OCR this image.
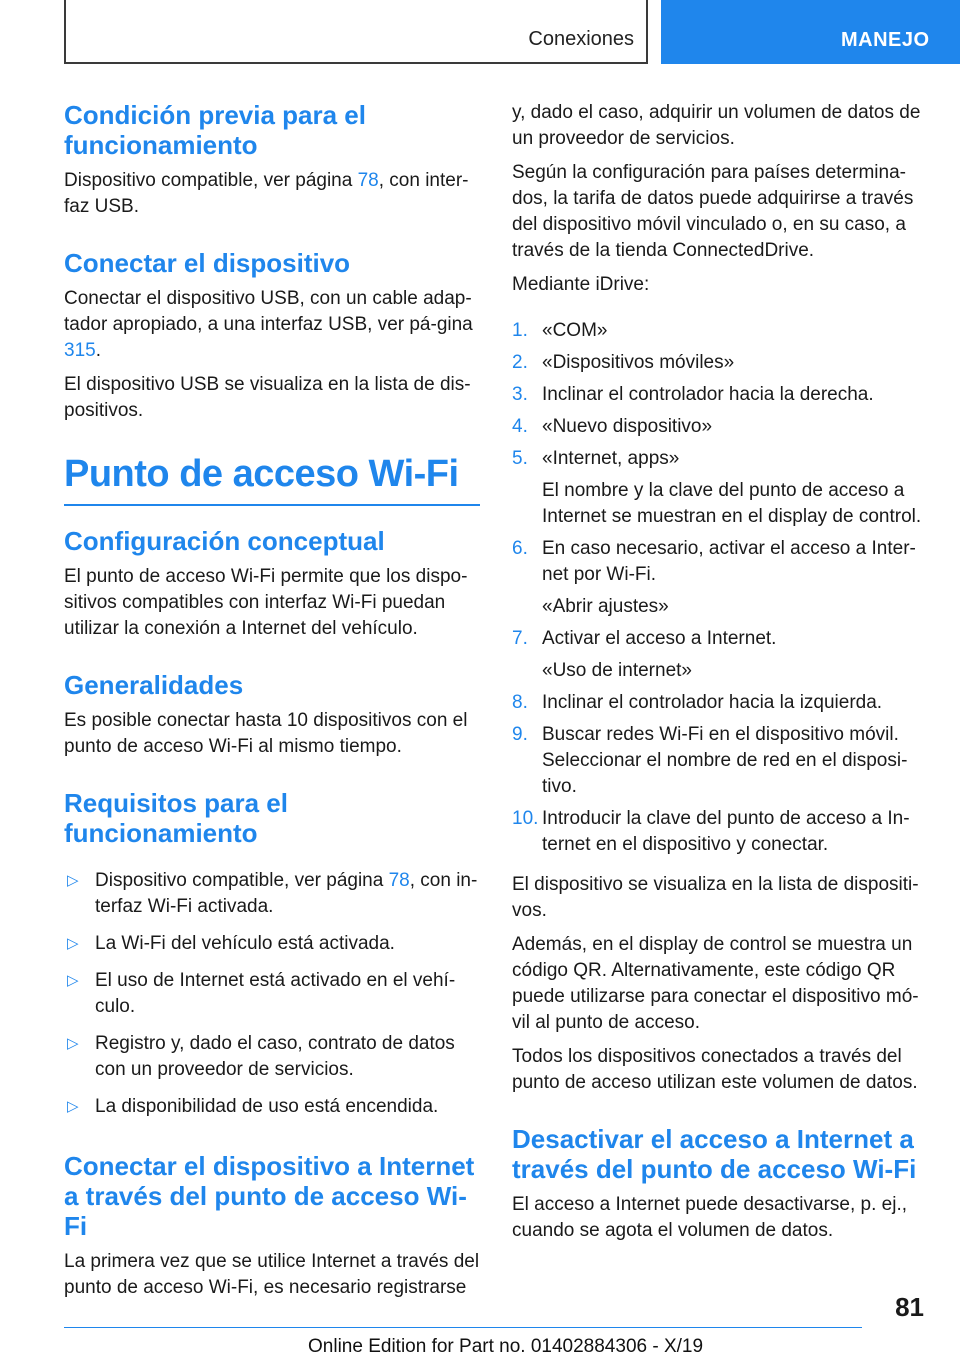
Conexiones	MANEJO
Condición previa para el funcionamiento

Dispositivo compatible, ver página 78, con inter-faz USB.

Conectar el dispositivo

Conectar el dispositivo USB, con un cable adap-tador apropiado, a una interfaz USB, ver pá-gina 315.

El dispositivo USB se visualiza en la lista de dis-positivos.

Punto de acceso Wi-Fi
Configuración conceptual

El punto de acceso Wi-Fi permite que los dispo-sitivos compatibles con interfaz Wi-Fi puedan utilizar la conexión a Internet del vehículo.

Generalidades

Es posible conectar hasta 10 dispositivos con el punto de acceso Wi-Fi al mismo tiempo.

Requisitos para el funcionamiento
▷ Dispositivo compatible, ver página 78, con in-terfaz Wi-Fi activada.
▷ La Wi-Fi del vehículo está activada.
▷ El uso de Internet está activado en el vehí-culo.
▷ Registro y, dado el caso, contrato de datos con un proveedor de servicios.
▷ La disponibilidad de uso está encendida.
Conectar el dispositivo a Internet a través del punto de acceso Wi-Fi

La primera vez que se utilice Internet a través del punto de acceso Wi-Fi, es necesario registrarse

y, dado el caso, adquirir un volumen de datos de un proveedor de servicios.

Según la configuración para países determina-dos, la tarifa de datos puede adquirirse a través del dispositivo móvil vinculado o, en su caso, a través de la tienda ConnectedDrive.

Mediante iDrive:

1. «COM»
2. «Dispositivos móviles»
3. Inclinar el controlador hacia la derecha.
4. «Nuevo dispositivo»
5. «Internet, apps»
El nombre y la clave del punto de acceso a Internet se muestran en el display de control.
6. En caso necesario, activar el acceso a Inter-net por Wi-Fi.
«Abrir ajustes»
7. Activar el acceso a Internet.
«Uso de internet»
8. Inclinar el controlador hacia la izquierda.
9. Buscar redes Wi-Fi en el dispositivo móvil. Seleccionar el nombre de red en el disposi-tivo.
10. Introducir la clave del punto de acceso a In-ternet en el dispositivo y conectar.

El dispositivo se visualiza en la lista de dispositi-vos.

Además, en el display de control se muestra un código QR. Alternativamente, este código QR puede utilizarse para conectar el dispositivo mó-vil al punto de acceso.

Todos los dispositivos conectados a través del punto de acceso utilizan este volumen de datos.

Desactivar el acceso a Internet a través del punto de acceso Wi-Fi

El acceso a Internet puede desactivarse, p. ej., cuando se agota el volumen de datos.

81
Online Edition for Part no. 01402884306 - X/19
